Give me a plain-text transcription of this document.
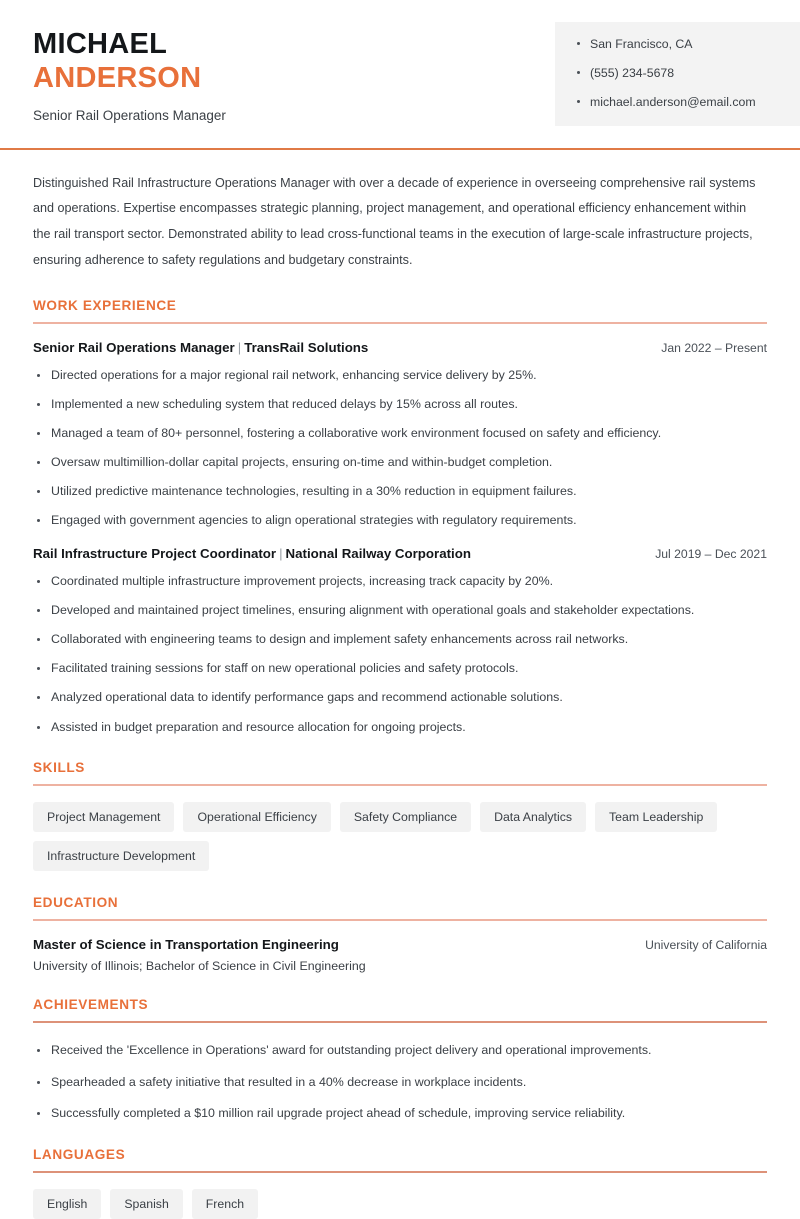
MICHAEL
ANDERSON
Senior Rail Operations Manager
San Francisco, CA
(555) 234-5678
michael.anderson@email.com

Distinguished Rail Infrastructure Operations Manager with over a decade of experience in overseeing comprehensive rail systems and operations. Expertise encompasses strategic planning, project management, and operational efficiency enhancement within the rail transport sector. Demonstrated ability to lead cross-functional teams in the execution of large-scale infrastructure projects, ensuring adherence to safety regulations and budgetary constraints.

WORK EXPERIENCE
Senior Rail Operations Manager | TransRail Solutions	Jan 2022 – Present
Directed operations for a major regional rail network, enhancing service delivery by 25%.
Implemented a new scheduling system that reduced delays by 15% across all routes.
Managed a team of 80+ personnel, fostering a collaborative work environment focused on safety and efficiency.
Oversaw multimillion-dollar capital projects, ensuring on-time and within-budget completion.
Utilized predictive maintenance technologies, resulting in a 30% reduction in equipment failures.
Engaged with government agencies to align operational strategies with regulatory requirements.
Rail Infrastructure Project Coordinator | National Railway Corporation	Jul 2019 – Dec 2021
Coordinated multiple infrastructure improvement projects, increasing track capacity by 20%.
Developed and maintained project timelines, ensuring alignment with operational goals and stakeholder expectations.
Collaborated with engineering teams to design and implement safety enhancements across rail networks.
Facilitated training sessions for staff on new operational policies and safety protocols.
Analyzed operational data to identify performance gaps and recommend actionable solutions.
Assisted in budget preparation and resource allocation for ongoing projects.
SKILLS
Project Management	Operational Efficiency	Safety Compliance	Data Analytics	Team Leadership
Infrastructure Development
EDUCATION
Master of Science in Transportation Engineering	University of California
University of Illinois; Bachelor of Science in Civil Engineering
ACHIEVEMENTS
Received the 'Excellence in Operations' award for outstanding project delivery and operational improvements.
Spearheaded a safety initiative that resulted in a 40% decrease in workplace incidents.
Successfully completed a $10 million rail upgrade project ahead of schedule, improving service reliability.
LANGUAGES
English	Spanish	French
